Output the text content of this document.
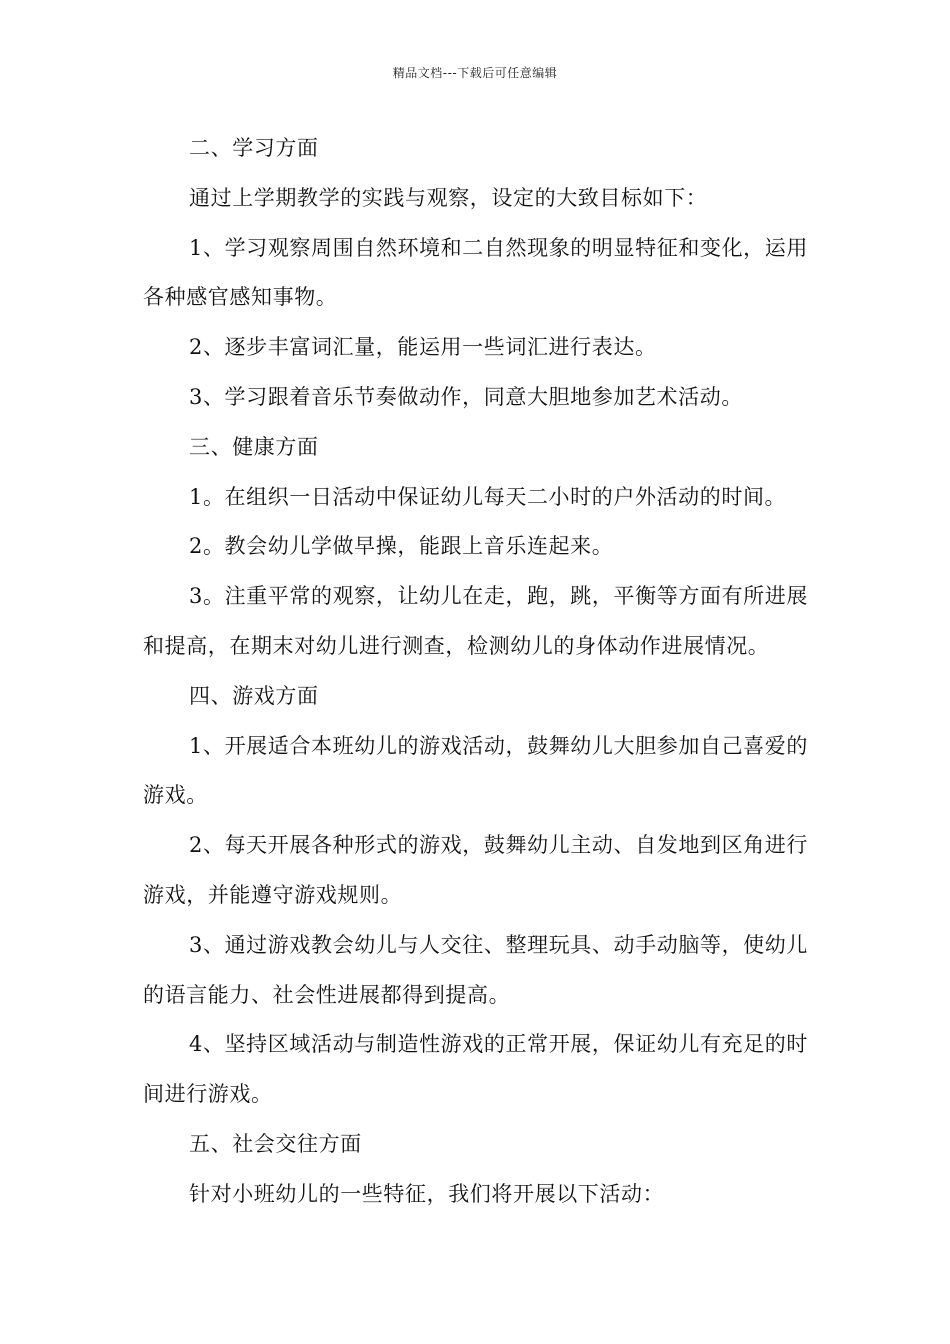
精品文档---下载后可任意编辑

二、学习方面

通过上学期教学的实践与观察，设定的大致目标如下：

1、学习观察周围自然环境和二自然现象的明显特征和变化，运用各种感官感知事物。

2、逐步丰富词汇量，能运用一些词汇进行表达。

3、学习跟着音乐节奏做动作，同意大胆地参加艺术活动。

三、健康方面

1。在组织一日活动中保证幼儿每天二小时的户外活动的时间。

2。教会幼儿学做早操，能跟上音乐连起来。

3。注重平常的观察，让幼儿在走，跑，跳，平衡等方面有所进展和提高，在期末对幼儿进行测查，检测幼儿的身体动作进展情况。

四、游戏方面

1、开展适合本班幼儿的游戏活动，鼓舞幼儿大胆参加自己喜爱的游戏。

2、每天开展各种形式的游戏，鼓舞幼儿主动、自发地到区角进行游戏，并能遵守游戏规则。

3、通过游戏教会幼儿与人交往、整理玩具、动手动脑等，使幼儿的语言能力、社会性进展都得到提高。

4、坚持区域活动与制造性游戏的正常开展，保证幼儿有充足的时间进行游戏。

五、社会交往方面

针对小班幼儿的一些特征，我们将开展以下活动：
